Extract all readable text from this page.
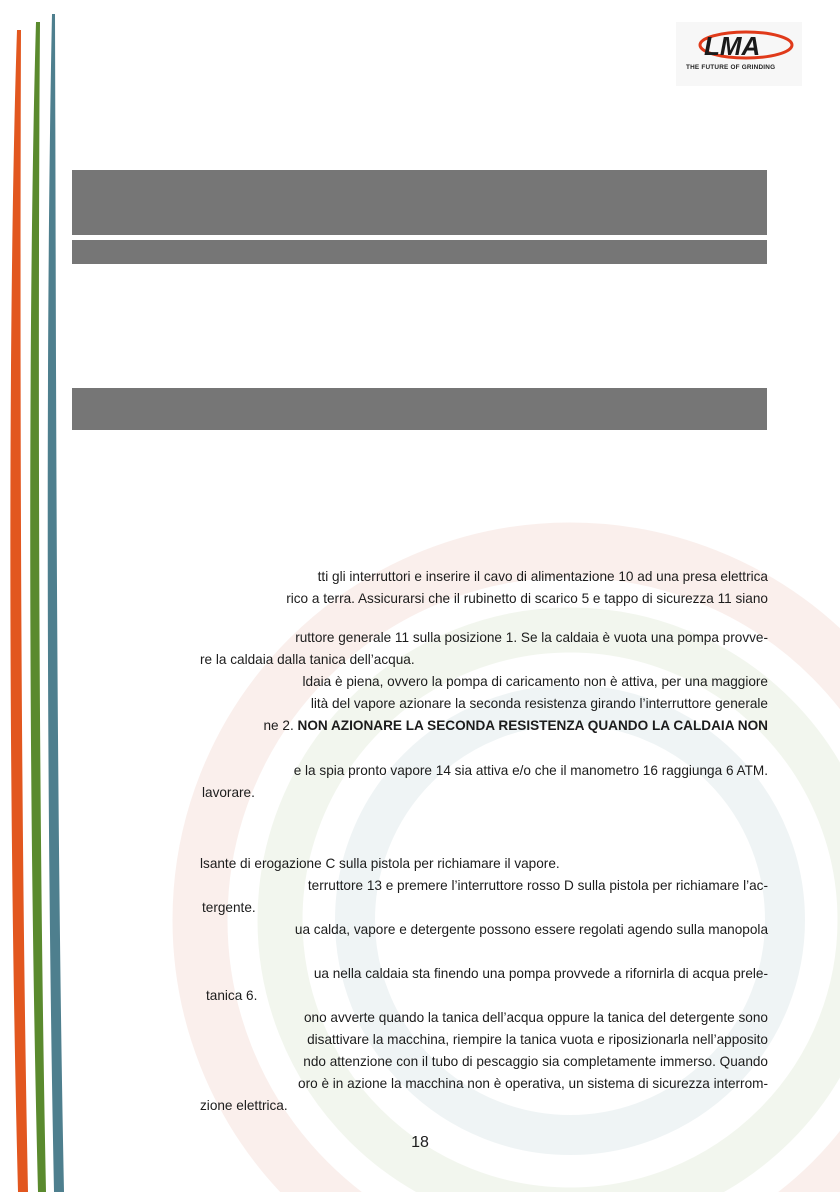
LMA
THE FUTURE OF GRINDING
tti gli interruttori e inserire il cavo di alimentazione 10 ad una presa elettrica
rico a terra. Assicurarsi che il rubinetto di scarico 5 e tappo di sicurezza 11 siano
ruttore generale 11 sulla posizione 1. Se la caldaia è vuota una pompa provve-
re la caldaia dalla tanica dell’acqua.
ldaia è piena, ovvero la pompa di caricamento non è attiva, per una maggiore
lità del vapore azionare la seconda resistenza girando l’interruttore generale
ne 2. NON AZIONARE LA SECONDA RESISTENZA QUANDO LA CALDAIA NON
e la spia pronto vapore 14 sia attiva e/o che il manometro 16 raggiunga 6 ATM.
lavorare.
lsante di erogazione C sulla pistola per richiamare il vapore.
terruttore 13 e premere l’interruttore rosso D sulla pistola per richiamare l’ac-
tergente.
ua calda, vapore e detergente possono essere regolati agendo sulla manopola
ua nella caldaia sta finendo una pompa provvede a rifornirla di acqua prele-
tanica 6.
ono avverte quando la tanica dell’acqua oppure la tanica del detergente sono
disattivare la macchina, riempire la tanica vuota e riposizionarla nell’apposito
ndo attenzione con il tubo di pescaggio sia completamente immerso. Quando
oro è in azione la macchina non è operativa, un sistema di sicurezza interrom-
zione elettrica.
18
